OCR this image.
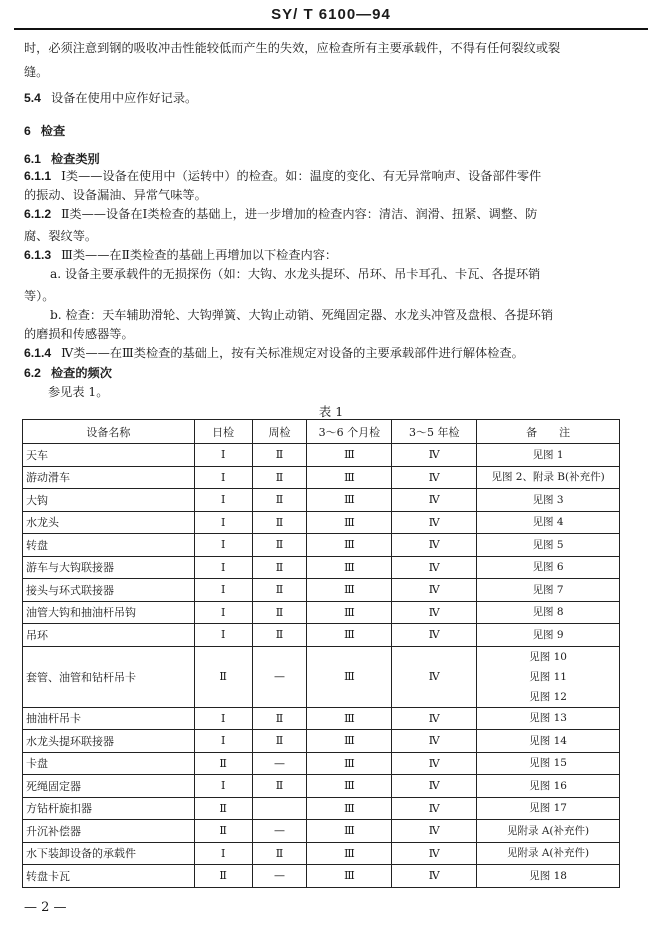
SY/ T 6100—94
时，必须注意到钢的吸收冲击性能较低而产生的失效，应检查所有主要承载件，不得有任何裂纹或裂
缝。
5.4 设备在使用中应作好记录。
6 检查
6.1 检查类别
6.1.1 Ⅰ类——设备在使用中（运转中）的检查。如：温度的变化、有无异常响声、设备部件零件
的振动、设备漏油、异常气味等。
6.1.2 Ⅱ类——设备在Ⅰ类检查的基础上，进一步增加的检查内容：清洁、润滑、扭紧、调整、防
腐、裂纹等。
6.1.3 Ⅲ类——在Ⅱ类检查的基础上再增加以下检查内容：
a. 设备主要承载件的无损探伤（如：大钩、水龙头提环、吊环、吊卡耳孔、卡瓦、各提环销
等）。
b. 检查：天车辅助滑轮、大钩弹簧、大钩止动销、死绳固定器、水龙头冲管及盘根、各提环销
的磨损和传感器等。
6.1.4 Ⅳ类——在Ⅲ类检查的基础上，按有关标准规定对设备的主要承载部件进行解体检查。
6.2 检查的频次
参见表 1。
表 1
设备名称	日检	周检	3～6 个月检	3～5 年检	备　　注
天车	Ⅰ	Ⅱ	Ⅲ	Ⅳ	见图 1

游动滑车	Ⅰ	Ⅱ	Ⅲ	Ⅳ	见图 2、附录 B(补充件)

大钩	Ⅰ	Ⅱ	Ⅲ	Ⅳ	见图 3

水龙头	Ⅰ	Ⅱ	Ⅲ	Ⅳ	见图 4

转盘	Ⅰ	Ⅱ	Ⅲ	Ⅳ	见图 5

游车与大钩联接器	Ⅰ	Ⅱ	Ⅲ	Ⅳ	见图 6

接头与环式联接器	Ⅰ	Ⅱ	Ⅲ	Ⅳ	见图 7

油管大钩和抽油杆吊钩	Ⅰ	Ⅱ	Ⅲ	Ⅳ	见图 8

吊环	Ⅰ	Ⅱ	Ⅲ	Ⅳ	见图 9

套管、油管和钻杆吊卡	Ⅱ	—	Ⅲ	Ⅳ	见图 10
见图 11
见图 12

抽油杆吊卡	Ⅰ	Ⅱ	Ⅲ	Ⅳ	见图 13

水龙头提环联接器	Ⅰ	Ⅱ	Ⅲ	Ⅳ	见图 14

卡盘	Ⅱ	—	Ⅲ	Ⅳ	见图 15

死绳固定器	Ⅰ	Ⅱ	Ⅲ	Ⅳ	见图 16

方钻杆旋扣器	Ⅱ		Ⅲ	Ⅳ	见图 17

升沉补偿器	Ⅱ	—	Ⅲ	Ⅳ	见附录 A(补充件)

水下装卸设备的承载件	Ⅰ	Ⅱ	Ⅲ	Ⅳ	见附录 A(补充件)

转盘卡瓦	Ⅱ	—	Ⅲ	Ⅳ	见图 18
— 2 —
